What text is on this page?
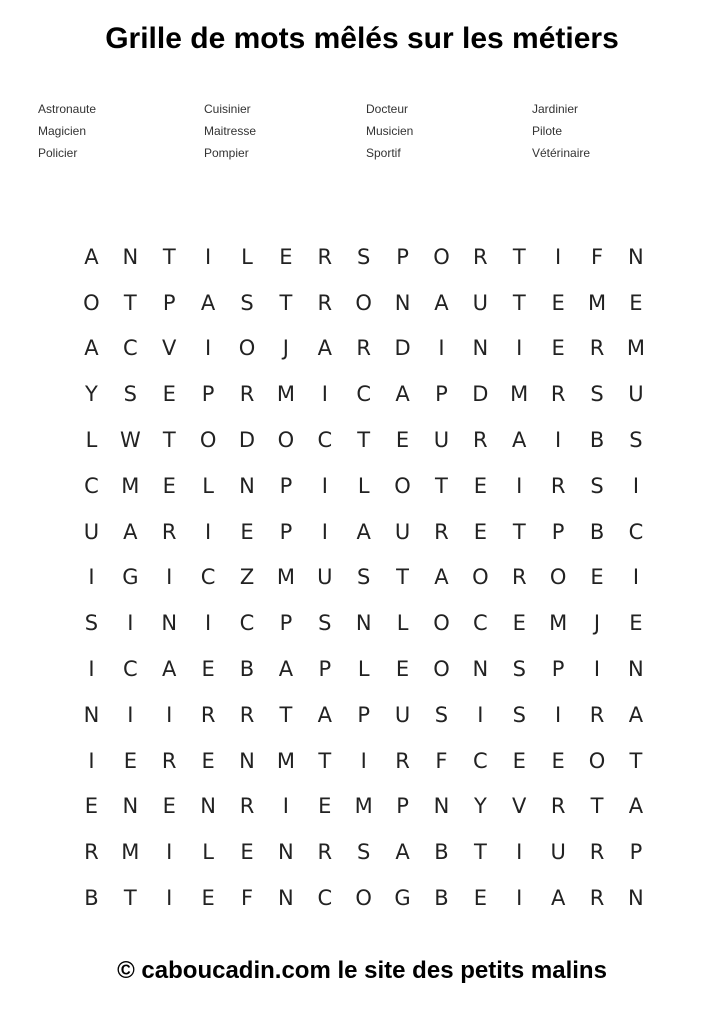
Grille de mots mêlés sur les métiers
Astronaute	Cuisinier	Docteur	Jardinier
Magicien	Maitresse	Musicien	Pilote
Policier	Pompier	Sportif	Vétérinaire
A	N	T	I	L	E	R	S	P	O	R	T	I	F	N
O	T	P	A	S	T	R	O	N	A	U	T	E	M	E
A	C	V	I	O	J	A	R	D	I	N	I	E	R	M
Y	S	E	P	R	M	I	C	A	P	D	M	R	S	U
L	W	T	O	D	O	C	T	E	U	R	A	I	B	S
C	M	E	L	N	P	I	L	O	T	E	I	R	S	I
U	A	R	I	E	P	I	A	U	R	E	T	P	B	C
I	G	I	C	Z	M	U	S	T	A	O	R	O	E	I
S	I	N	I	C	P	S	N	L	O	C	E	M	J	E
I	C	A	E	B	A	P	L	E	O	N	S	P	I	N
N	I	I	R	R	T	A	P	U	S	I	S	I	R	A
I	E	R	E	N	M	T	I	R	F	C	E	E	O	T
E	N	E	N	R	I	E	M	P	N	Y	V	R	T	A
R	M	I	L	E	N	R	S	A	B	T	I	U	R	P
B	T	I	E	F	N	C	O	G	B	E	I	A	R	N
© caboucadin.com le site des petits malins
